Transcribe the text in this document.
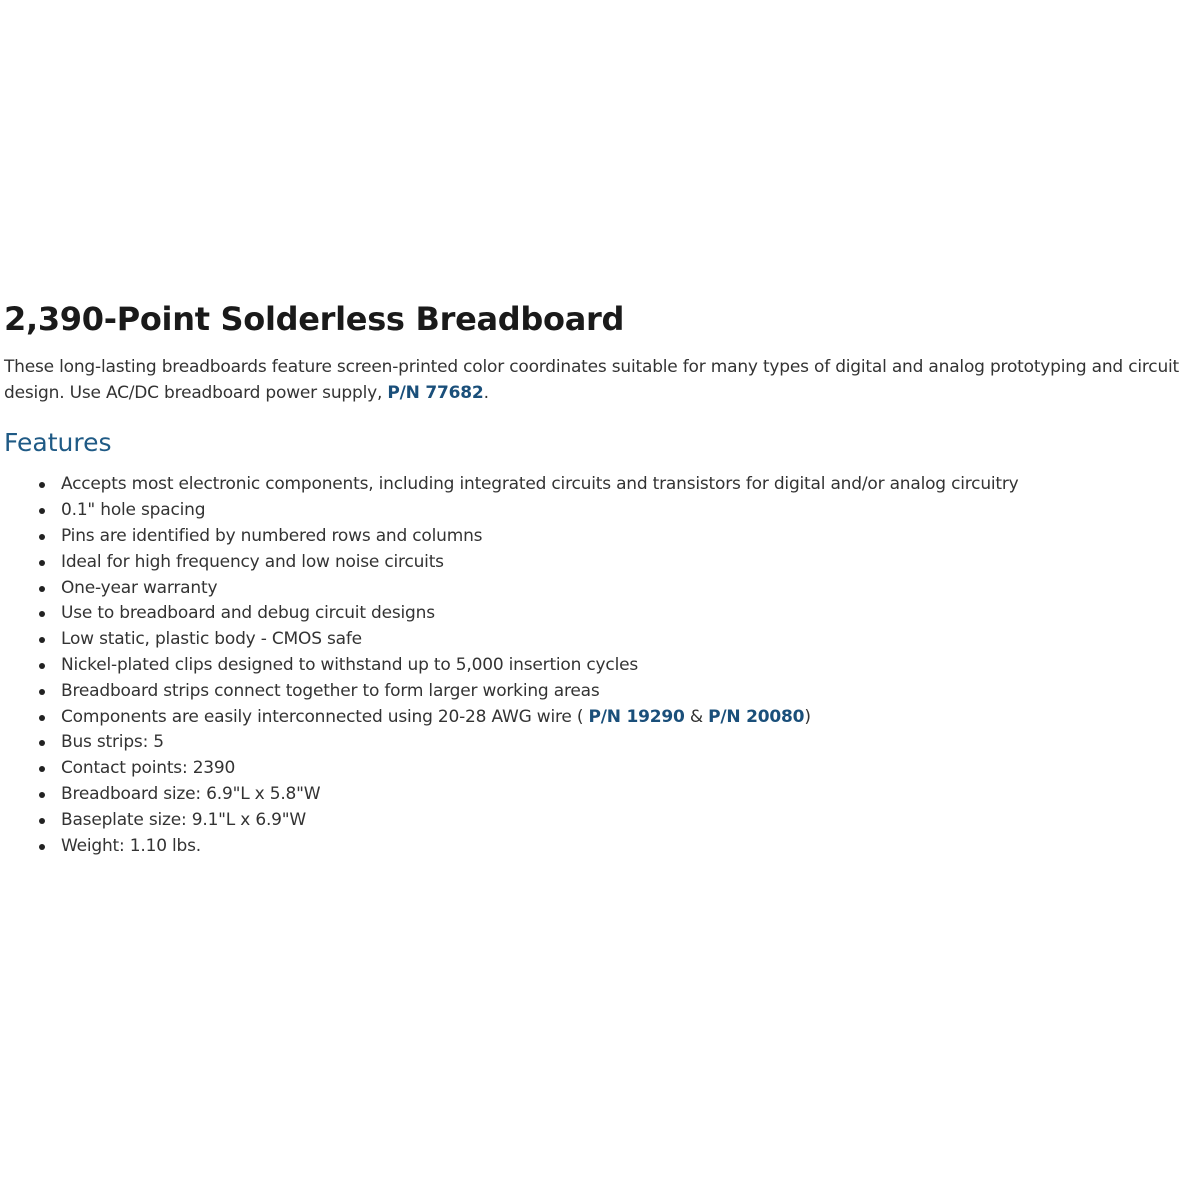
2,390-Point Solderless Breadboard

These long-lasting breadboards feature screen-printed color coordinates suitable for many types of digital and analog prototyping and circuit design. Use AC/DC breadboard power supply, P/N 77682.

Features
Accepts most electronic components, including integrated circuits and transistors for digital and/or analog circuitry
0.1" hole spacing
Pins are identified by numbered rows and columns
Ideal for high frequency and low noise circuits
One-year warranty
Use to breadboard and debug circuit designs
Low static, plastic body - CMOS safe
Nickel-plated clips designed to withstand up to 5,000 insertion cycles
Breadboard strips connect together to form larger working areas
Components are easily interconnected using 20-28 AWG wire ( P/N 19290 & P/N 20080)
Bus strips: 5
Contact points: 2390
Breadboard size: 6.9"L x 5.8"W
Baseplate size: 9.1"L x 6.9"W
Weight: 1.10 lbs.
